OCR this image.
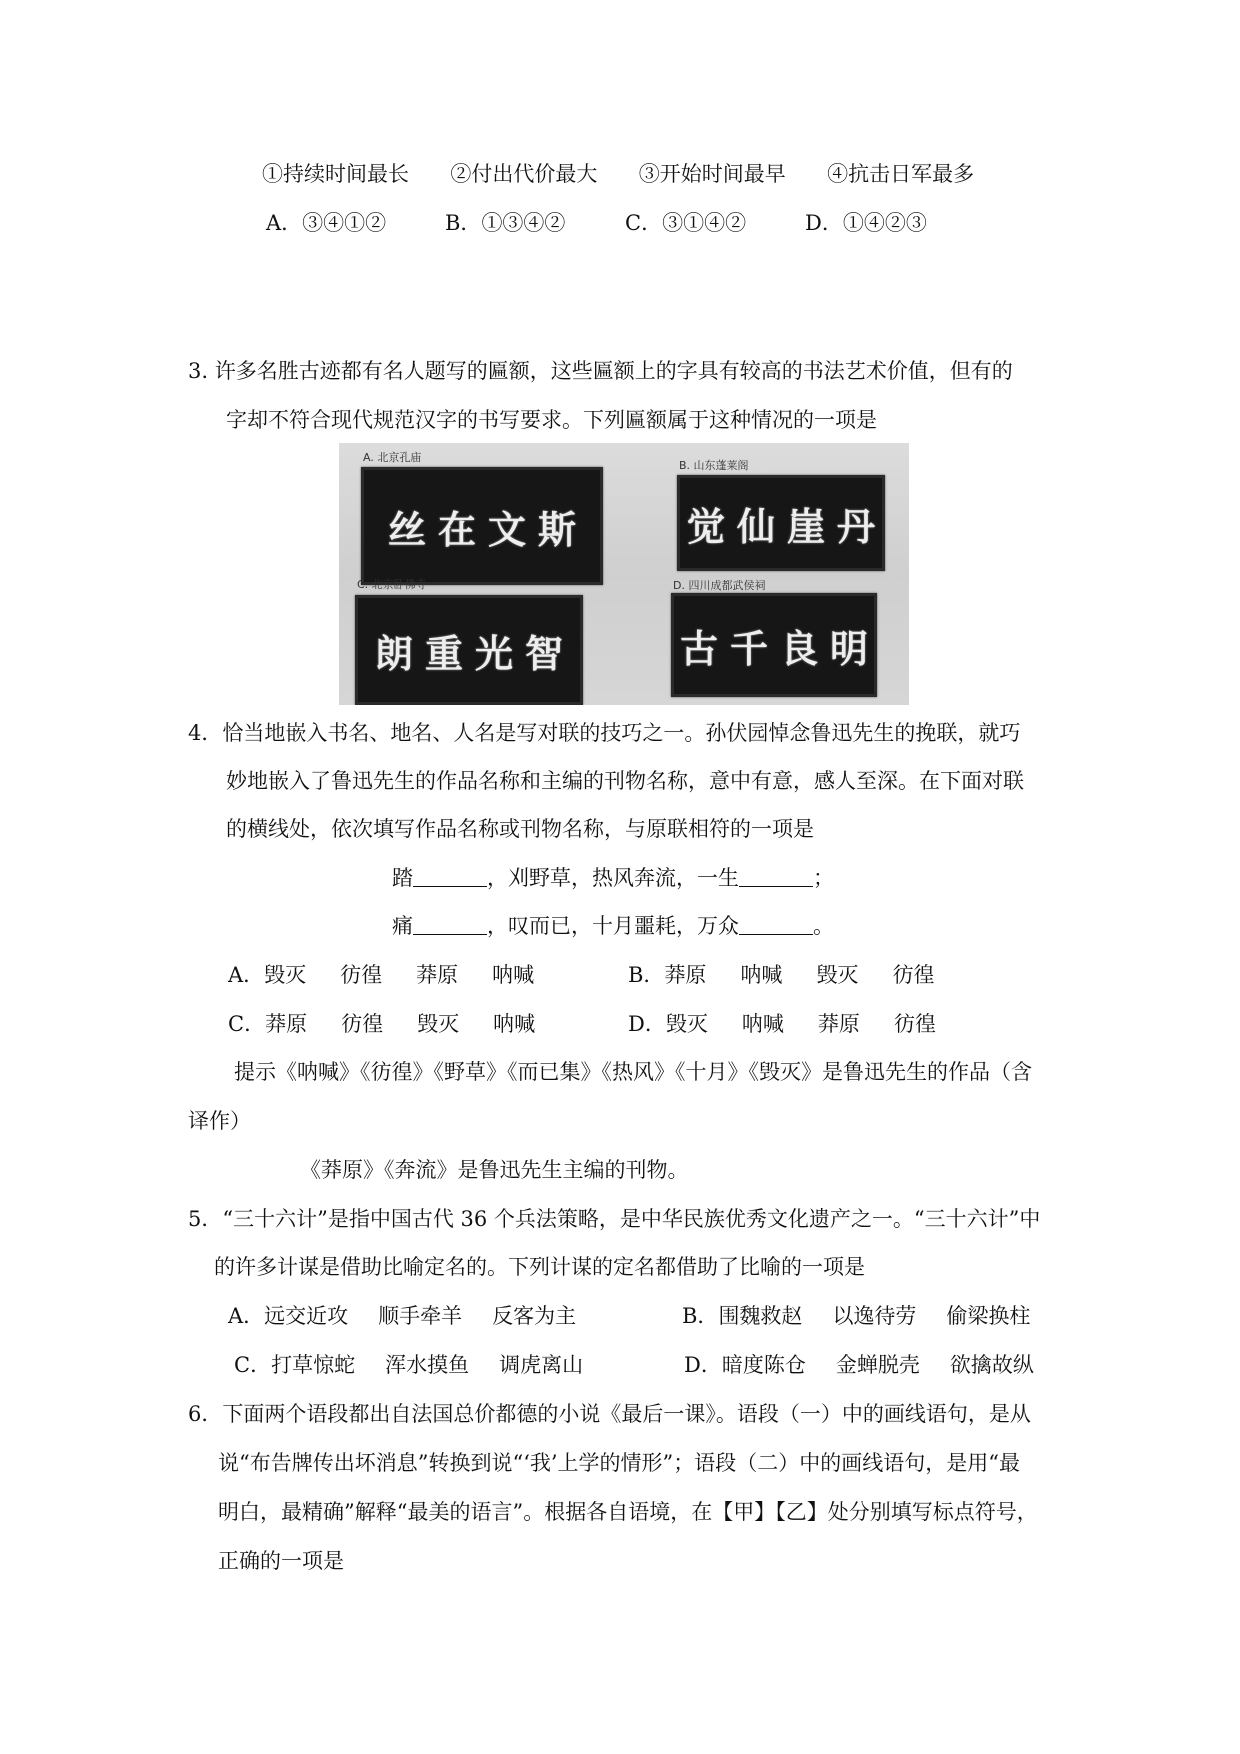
①持续时间最长 ②付出代价最大 ③开始时间最早 ④抗击日军最多
A．③④①②	B．①③④②	C．③①④②	D．①④②③
3. 许多名胜古迹都有名人题写的匾额，这些匾额上的字具有较高的书法艺术价值，但有的
字却不符合现代规范汉字的书写要求。下列匾额属于这种情况的一项是
A. 北京孔庙
丝 在 文 斯
B. 山东蓬莱阁
觉 仙 崖 丹
C. 北京卧佛寺
朗 重 光 智
D. 四川成都武侯祠
古 千 良 明
4．恰当地嵌入书名、地名、人名是写对联的技巧之一。孙伏园悼念鲁迅先生的挽联，就巧
妙地嵌入了鲁迅先生的作品名称和主编的刊物名称，意中有意，感人至深。在下面对联
的横线处，依次填写作品名称或刊物名称，与原联相符的一项是
踏	，刈野草，热风奔流，一生	；
痛	，叹而已，十月噩耗，万众	。
A．毁灭 彷徨 莽原 呐喊	B．莽原 呐喊 毁灭 彷徨
C．莽原 彷徨 毁灭 呐喊	D．毁灭 呐喊 莽原 彷徨
提示《呐喊》《彷徨》《野草》《而已集》《热风》《十月》《毁灭》是鲁迅先生的作品（含
译作）
《莽原》《奔流》是鲁迅先生主编的刊物。
5．“三十六计”是指中国古代 36 个兵法策略，是中华民族优秀文化遗产之一。“三十六计”中
的许多计谋是借助比喻定名的。下列计谋的定名都借助了比喻的一项是
A．远交近攻 顺手牵羊 反客为主	B．围魏救赵 以逸待劳 偷梁换柱
C．打草惊蛇 浑水摸鱼 调虎离山	D．暗度陈仓 金蝉脱壳 欲擒故纵
6．下面两个语段都出自法国总价都德的小说《最后一课》。语段（一）中的画线语句，是从
说“布告牌传出坏消息”转换到说“‘我’上学的情形”；语段（二）中的画线语句，是用“最
明白，最精确”解释“最美的语言”。根据各自语境，在【甲】【乙】处分别填写标点符号，
正确的一项是
